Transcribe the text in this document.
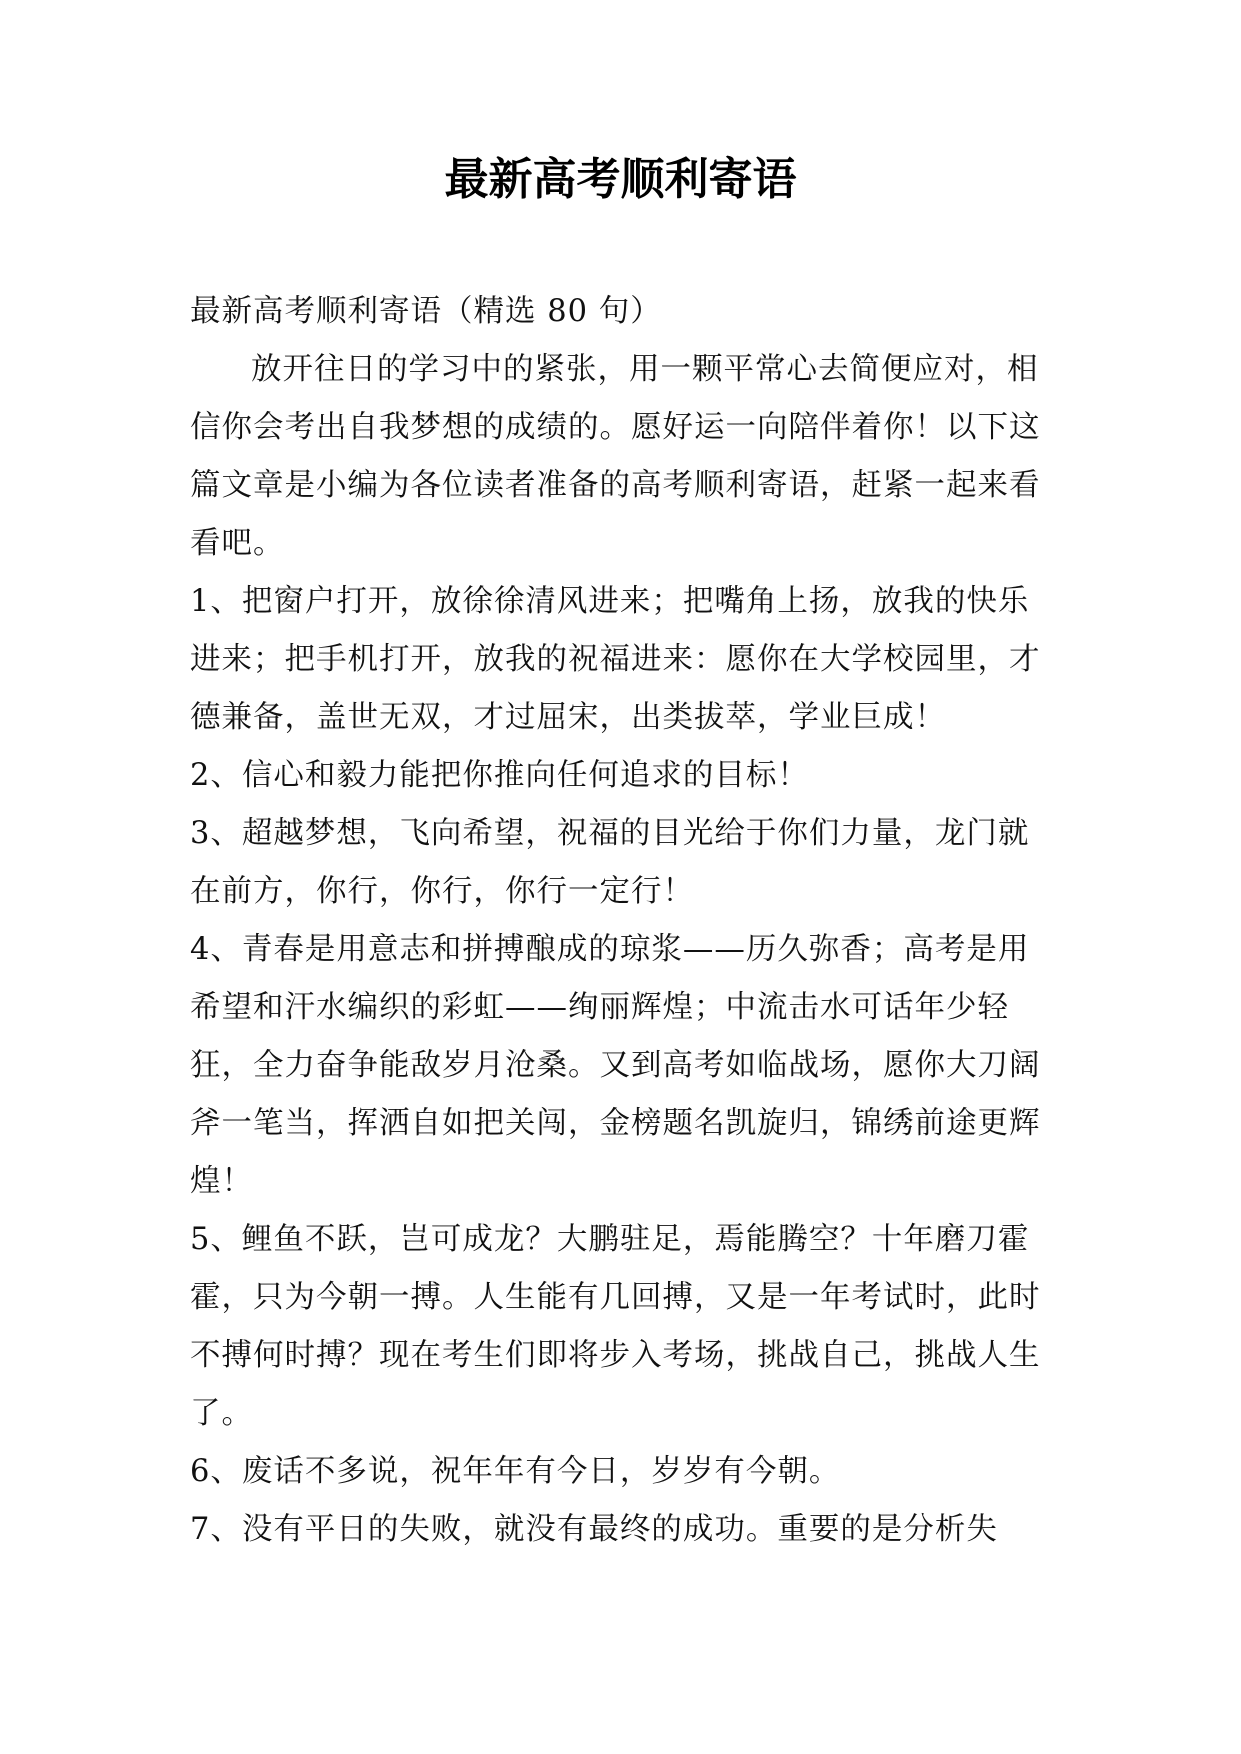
最新高考顺利寄语

最新高考顺利寄语（精选 80 句）

放开往日的学习中的紧张，用一颗平常心去简便应对，相信你会考出自我梦想的成绩的。愿好运一向陪伴着你！以下这篇文章是小编为各位读者准备的高考顺利寄语，赶紧一起来看看吧。

1、把窗户打开，放徐徐清风进来；把嘴角上扬，放我的快乐进来；把手机打开，放我的祝福进来：愿你在大学校园里，才德兼备，盖世无双，才过屈宋，出类拔萃，学业巨成！

2、信心和毅力能把你推向任何追求的目标！

3、超越梦想，飞向希望，祝福的目光给于你们力量，龙门就在前方，你行，你行，你行一定行！

4、青春是用意志和拼搏酿成的琼浆——历久弥香；高考是用希望和汗水编织的彩虹——绚丽辉煌；中流击水可话年少轻狂，全力奋争能敌岁月沧桑。又到高考如临战场，愿你大刀阔斧一笔当，挥洒自如把关闯，金榜题名凯旋归，锦绣前途更辉煌！

5、鲤鱼不跃，岂可成龙？大鹏驻足，焉能腾空？十年磨刀霍霍，只为今朝一搏。人生能有几回搏，又是一年考试时，此时不搏何时搏？现在考生们即将步入考场，挑战自己，挑战人生了。

6、废话不多说，祝年年有今日，岁岁有今朝。

7、没有平日的失败，就没有最终的成功。重要的是分析失
